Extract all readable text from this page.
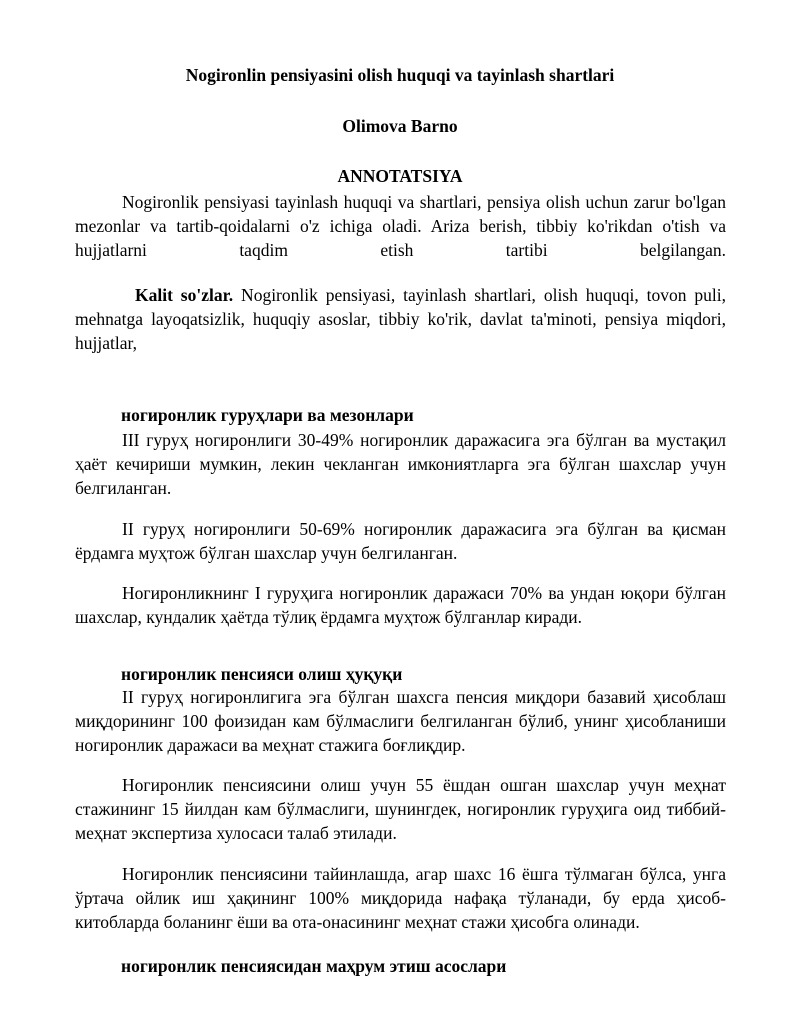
Nogironlin pensiyasini olish huquqi va tayinlash shartlari
Olimova Barno
ANNOTATSIYA
Nogironlik pensiyasi tayinlash huquqi va shartlari, pensiya olish uchun zarur bo'lgan mezonlar va tartib-qoidalarni o'z ichiga oladi. Ariza berish, tibbiy ko'rikdan o'tish va hujjatlarni taqdim etish tartibi belgilangan.
Kalit so'zlar. Nogironlik pensiyasi, tayinlash shartlari, olish huquqi, tovon puli, mehnatga layoqatsizlik, huquqiy asoslar, tibbiy ko'rik, davlat ta'minoti, pensiya miqdori, hujjatlar,
ногиронлик гуруҳлари ва мезонлари
III гуруҳ ногиронлиги 30-49% ногиронлик даражасига эга бўлган ва мустақил ҳаёт кечириши мумкин, лекин чекланган имкониятларга эга бўлган шахслар учун белгиланган.
II гуруҳ ногиронлиги 50-69% ногиронлик даражасига эга бўлган ва қисман ёрдамга муҳтож бўлган шахслар учун белгиланган.
Ногиронликнинг I гуруҳига ногиронлик даражаси 70% ва ундан юқори бўлган шахслар, кундалик ҳаётда тўлиқ ёрдамга муҳтож бўлганлар киради.
ногиронлик пенсияси олиш ҳуқуқи
II гуруҳ ногиронлигига эга бўлган шахсга пенсия миқдори базавий ҳисоблаш миқдорининг 100 фоизидан кам бўлмаслиги белгиланган бўлиб, унинг ҳисобланиши ногиронлик даражаси ва меҳнат стажига боғлиқдир.
Ногиронлик пенсиясини олиш учун 55 ёшдан ошган шахслар учун меҳнат стажининг 15 йилдан кам бўлмаслиги, шунингдек, ногиронлик гуруҳига оид тиббий-меҳнат экспертиза хулосаси талаб этилади.
Ногиронлик пенсиясини тайинлашда, агар шахс 16 ёшга тўлмаган бўлса, унга ўртача ойлик иш ҳақининг 100% миқдорида нафақа тўланади, бу ерда ҳисоб-китобларда боланинг ёши ва ота-онасининг меҳнат стажи ҳисобга олинади.
ногиронлик пенсиясидан маҳрум этиш асослари
